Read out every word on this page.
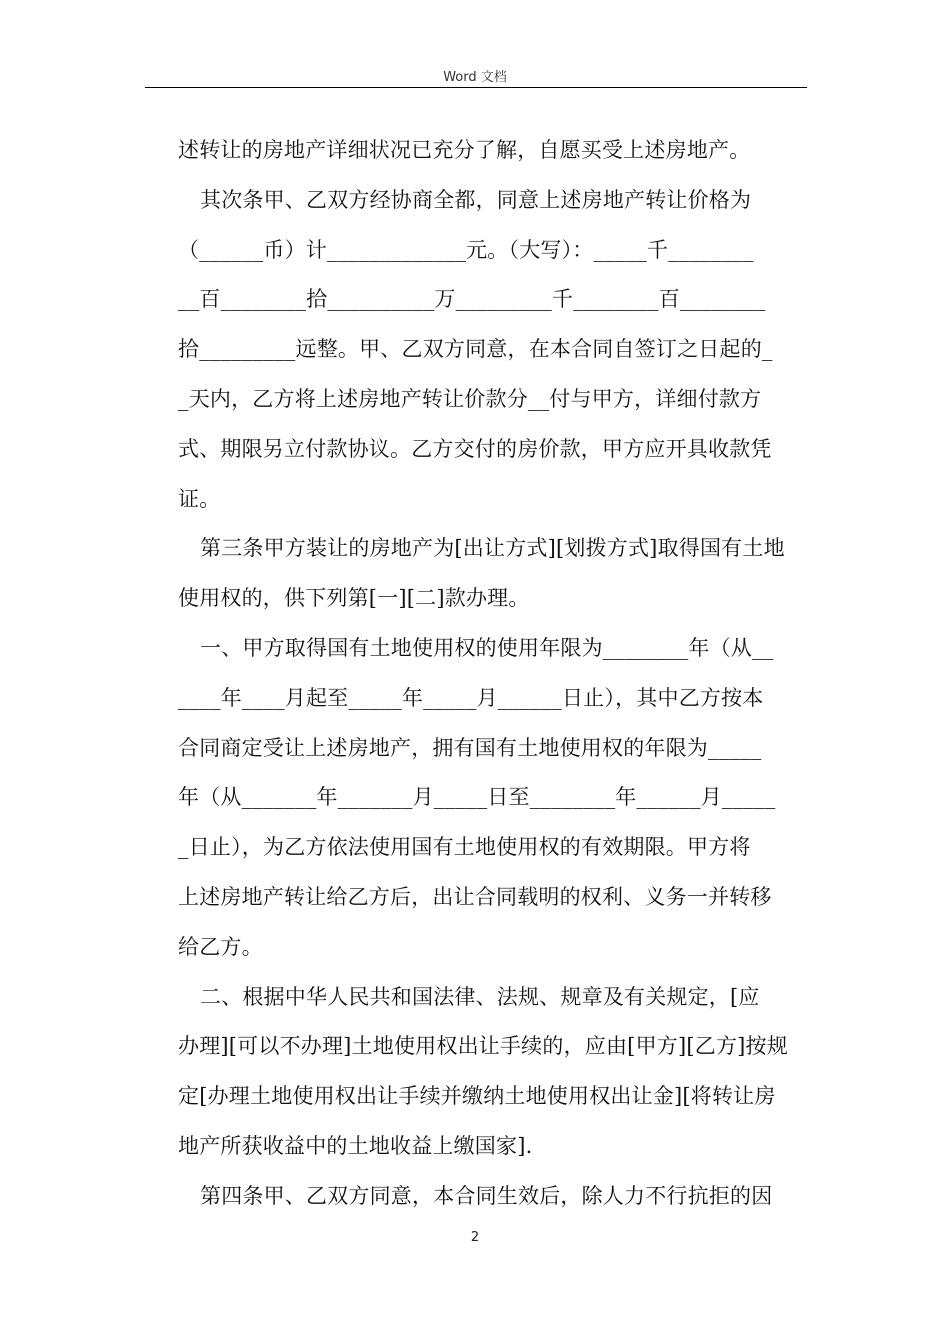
Word 文档
述转让的房地产详细状况已充分了解，自愿买受上述房地产。
其次条甲、乙双方经协商全都，同意上述房地产转让价格为
（______币）计_____________元。（大写）：_____千________
__百________拾__________万_________千________百________
拾_________远整。甲、乙双方同意，在本合同自签订之日起的_
_天内，乙方将上述房地产转让价款分__付与甲方，详细付款方
式、期限另立付款协议。乙方交付的房价款，甲方应开具收款凭
证。
第三条甲方装让的房地产为[出让方式][划拨方式]取得国有土地
使用权的，供下列第[一][二]款办理。
一、甲方取得国有土地使用权的使用年限为________年（从__
____年____月起至_____年_____月______日止），其中乙方按本
合同商定受让上述房地产，拥有国有土地使用权的年限为_____
年（从_______年_______月_____日至________年______月_____
_日止），为乙方依法使用国有土地使用权的有效期限。甲方将
上述房地产转让给乙方后，出让合同载明的权利、义务一并转移
给乙方。
二、根据中华人民共和国法律、法规、规章及有关规定，[应
办理][可以不办理]土地使用权出让手续的，应由[甲方][乙方]按规
定[办理土地使用权出让手续并缴纳土地使用权出让金][将转让房
地产所获收益中的土地收益上缴国家].
第四条甲、乙双方同意，本合同生效后，除人力不行抗拒的因
2
